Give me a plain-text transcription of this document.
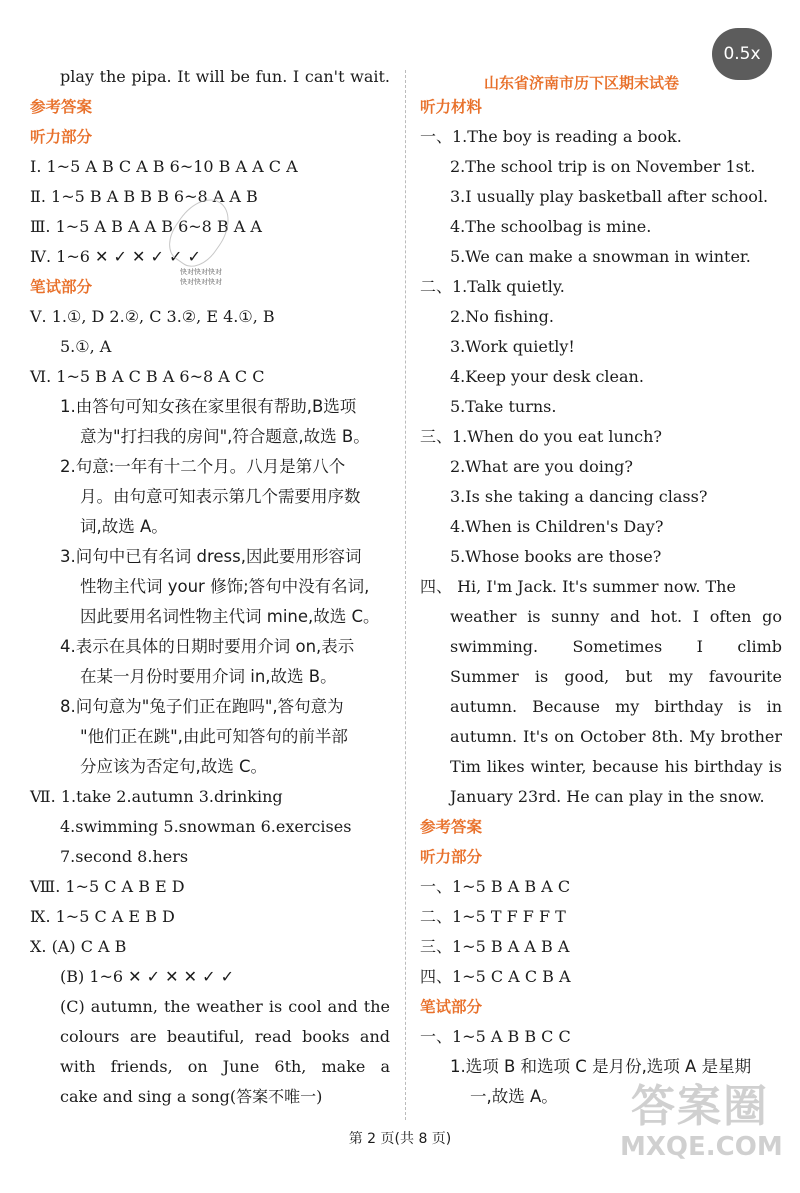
0.5x
山东省济南市历下区期末试卷
play the pipa. It will be fun. I can't wait.
参考答案
听力部分
Ⅰ. 1~5 A B C A B 6~10 B A A C A
Ⅱ. 1~5 B A B B B 6~8 A A B
Ⅲ. 1~5 A B A A B 6~8 B A A
Ⅳ. 1~6 ✕ ✓ ✕ ✓ ✓ ✓
笔试部分
Ⅴ. 1.①, D 2.②, C 3.②, E 4.①, B
5.①, A
Ⅵ. 1~5 B A C B A 6~8 A C C
1.由答句可知女孩在家里很有帮助,B选项
意为"打扫我的房间",符合题意,故选 B。
2.句意:一年有十二个月。八月是第八个
月。由句意可知表示第几个需要用序数
词,故选 A。
3.问句中已有名词 dress,因此要用形容词
性物主代词 your 修饰;答句中没有名词,
因此要用名词性物主代词 mine,故选 C。
4.表示在具体的日期时要用介词 on,表示
在某一月份时要用介词 in,故选 B。
8.问句意为"兔子们正在跑吗",答句意为
"他们正在跳",由此可知答句的前半部
分应该为否定句,故选 C。
Ⅶ. 1.take 2.autumn 3.drinking
4.swimming 5.snowman 6.exercises
7.second 8.hers
Ⅷ. 1~5 C A B E D
Ⅸ. 1~5 C A E B D
Ⅹ. (A) C A B
(B) 1~6 ✕ ✓ ✕ ✕ ✓ ✓
(C) autumn, the weather is cool and the
colours are beautiful, read books and
with friends, on June 6th, make a
cake and sing a song(答案不唯一)
听力材料
一、1.The boy is reading a book.
2.The school trip is on November 1st.
3.I usually play basketball after school.
4.The schoolbag is mine.
5.We can make a snowman in winter.
二、1.Talk quietly.
2.No fishing.
3.Work quietly!
4.Keep your desk clean.
5.Take turns.
三、1.When do you eat lunch?
2.What are you doing?
3.Is she taking a dancing class?
4.When is Children's Day?
5.Whose books are those?
四、 Hi, I'm Jack. It's summer now. The
weather is sunny and hot. I often go
swimming. Sometimes I climb
Summer is good, but my favourite
autumn. Because my birthday is in
autumn. It's on October 8th. My brother
Tim likes winter, because his birthday is
January 23rd. He can play in the snow.
参考答案
听力部分
一、1~5 B A B A C
二、1~5 T F F F T
三、1~5 B A A B A
四、1~5 C A C B A
笔试部分
一、1~5 A B B C C
1.选项 B 和选项 C 是月份,选项 A 是星期
一,故选 A。
快对快对快对
快对快对快对
第 2 页(共 8 页)
答案圈
MXQE.COM
